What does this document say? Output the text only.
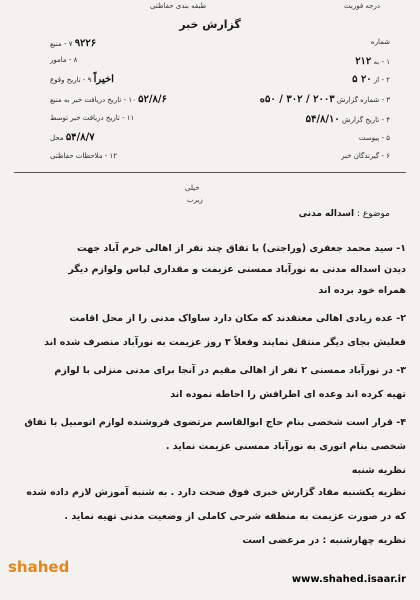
طبقه بندی حفاظتی	درجه فوریت
گزارش خبر
شماره
۱ - به ۲۱۲
۲ - از ۲۰ ۵
۳ - شماره گزارش ۲۰۰۳ / ۳۰۲ / ۵۰ه
۴ - تاریخ گزارش ۵۴/۸/۱۰
۵ - پیوست
۶ - گیرندگان خبر
۹۲۲۶ ۷ - منبع
۸ - مامور
اخیراً ۹ - تاریخ وقوع
۵۲/۸/۶ ۱۰ - تاریخ دریافت خبر به منبع
۱۱ - تاریخ دریافت خبر توسط
۵۴/۸/۷ محل
۱۲ - ملاحظات حفاظتی
خیلی
زیرب
موضوع : اسداله مدنی
۱- سید محمد جعفری (وراجتی) با تفاق چند نفر از اهالی خرم آباد جهت
دیدن اسداله مدنی به نورآباد ممسنی عزیمت و مقداری لباس ولوازم دیگر
همراه خود برده اند
۲- عده زیادی اهالی معتقدند که مکان دارد ساواک مدنی را از محل اقامت
فعلیش بجای دیگر منتقل نمایند وفعلاً ۳ روز عزیمت به نورآباد منصرف شده اند
۳- در نورآباد ممسنی ۲ نفر از اهالی مقیم در آنجا برای مدنی منزلی با لوازم
تهیه کرده اند وعده ای اطرافش را احاطه نموده اند
۴- قرار است شخصی بنام حاج ابوالقاسم مرتضوی فروشنده لوازم اتومبیل با تفاق
شخصی بنام انوری به نورآباد ممسنی عزیمت نماید .
نظریه شنبه
نظریه یکشنبه مفاد گزارش خبری فوق صحت دارد . به شنبه آموزش لازم داده شده
که در صورت عزیمت به منطقه شرحی کاملی از وضعیت مدنی تهیه نماید .
نظریه چهارشنبه : در مرعضی است
shahed
www.shahed.isaar.ir
